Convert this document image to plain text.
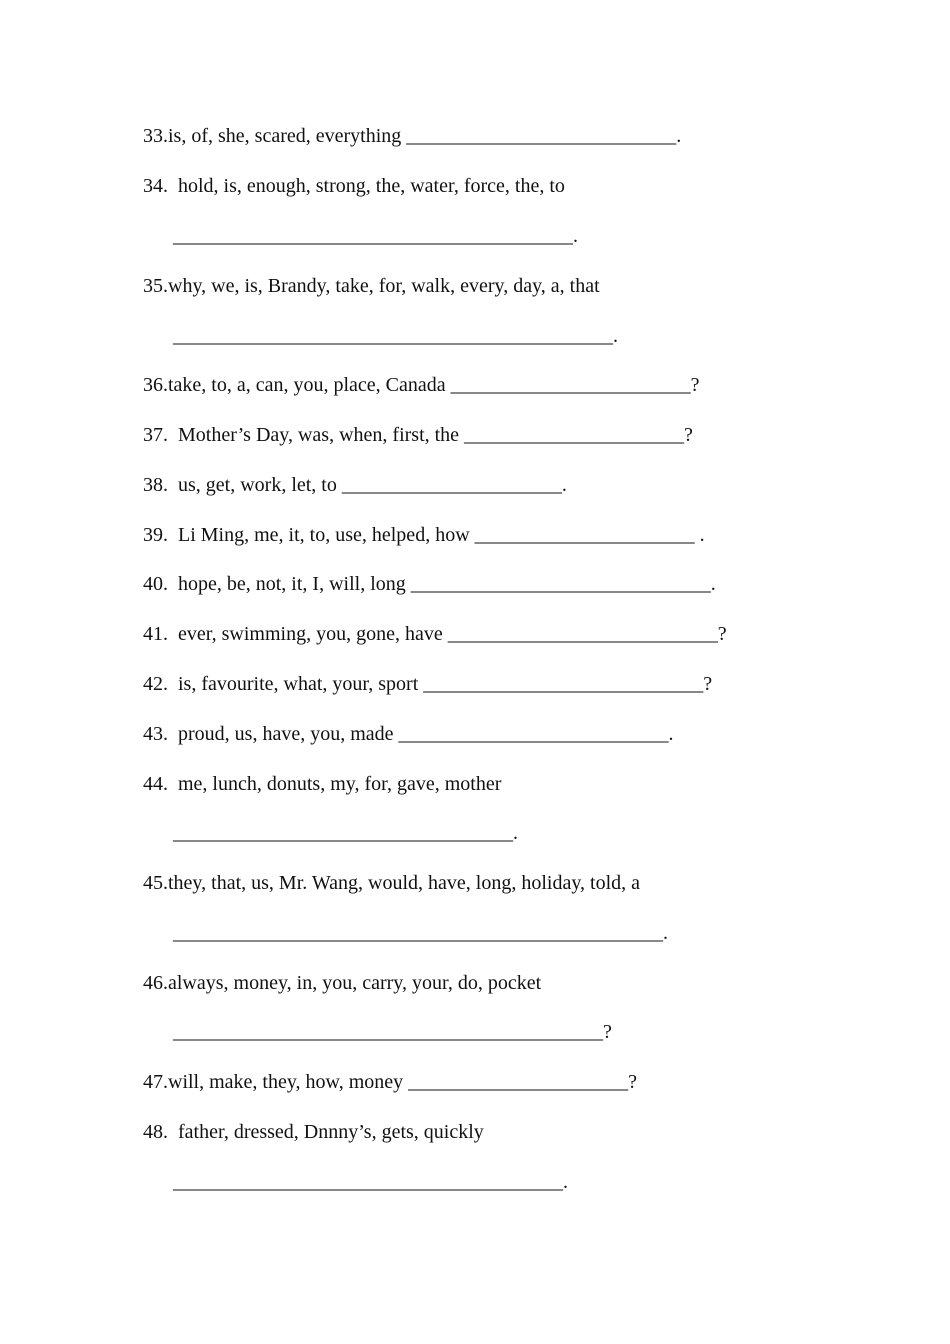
33.is, of, she, scared, everything ___________________________.
34.  hold, is, enough, strong, the, water, force, the, to
________________________________________.
35.why, we, is, Brandy, take, for, walk, every, day, a, that
____________________________________________.
36.take, to, a, can, you, place, Canada ________________________?
37.  Mother’s Day, was, when, first, the ______________________?
38.  us, get, work, let, to ______________________.
39.  Li Ming, me, it, to, use, helped, how ______________________ .
40.  hope, be, not, it, I, will, long ______________________________.
41.  ever, swimming, you, gone, have ___________________________?
42.  is, favourite, what, your, sport ____________________________?
43.  proud, us, have, you, made ___________________________.
44.  me, lunch, donuts, my, for, gave, mother
__________________________________.
45.they, that, us, Mr. Wang, would, have, long, holiday, told, a
_________________________________________________.
46.always, money, in, you, carry, your, do, pocket
___________________________________________?
47.will, make, they, how, money ______________________?
48.  father, dressed, Dnnny’s, gets, quickly
_______________________________________.
